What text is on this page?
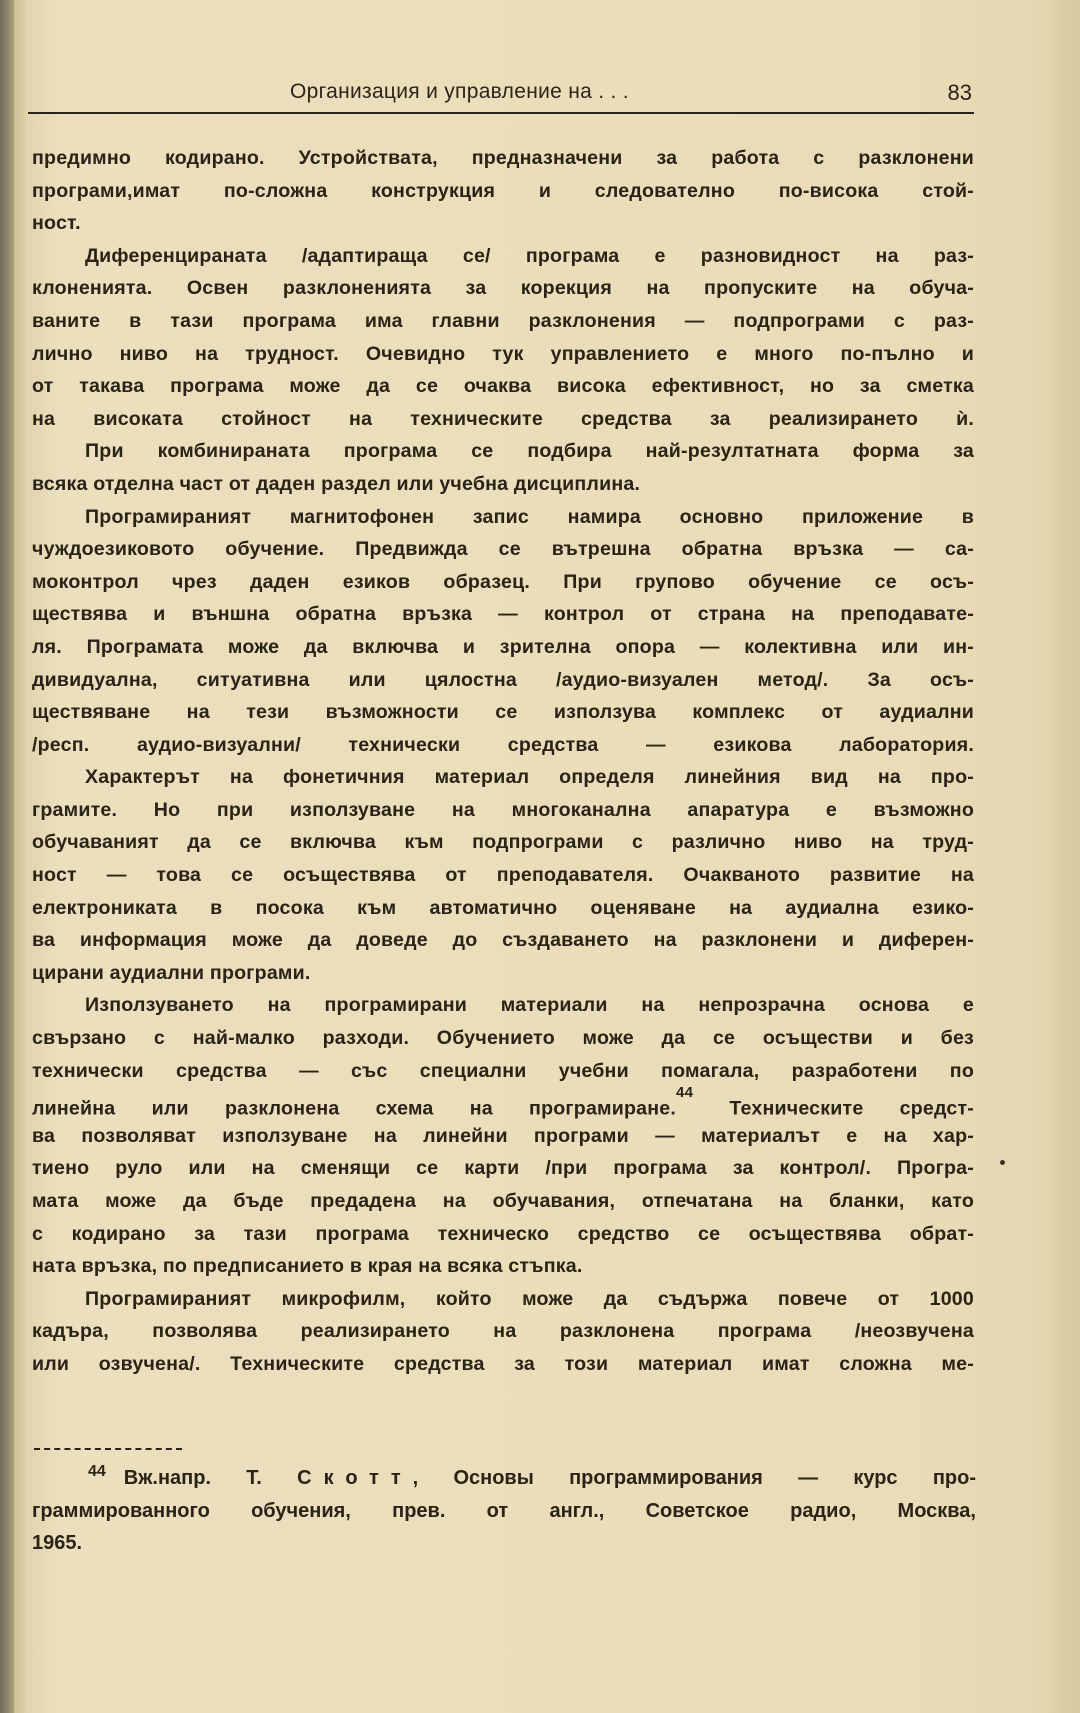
Организация и управление на . . .	83
предимно кодирано. Устройствата, предназначени за работа с разклонени
програми,имат по-сложна конструкция и следователно по-висока стой-
ност.
Диференцираната /адаптираща се/ програма е разновидност на раз-
клоненията. Освен разклоненията за корекция на пропуските на обуча-
ваните в тази програма има главни разклонения — подпрограми с раз-
лично ниво на трудност. Очевидно тук управлението е много по-пълно и
от такава програма може да се очаква висока ефективност, но за сметка
на високата стойност на техническите средства за реализирането ѝ.
При комбинираната програма се подбира най-резултатната форма за
всяка отделна част от даден раздел или учебна дисциплина.
Програмираният магнитофонен запис намира основно приложение в
чуждоезиковото обучение. Предвижда се вътрешна обратна връзка — са-
моконтрол чрез даден езиков образец. При групово обучение се осъ-
ществява и външна обратна връзка — контрол от страна на преподавате-
ля. Програмата може да включва и зрителна опора — колективна или ин-
дивидуална, ситуативна или цялостна /аудио-визуален метод/. За осъ-
ществяване на тези възможности се използува комплекс от аудиални
/респ. аудио-визуални/ технически средства — езикова лаборатория.
Характерът на фонетичния материал определя линейния вид на про-
грамите. Но при използуване на многоканална апаратура е възможно
обучаваният да се включва към подпрограми с различно ниво на труд-
ност — това се осъществява от преподавателя. Очакваното развитие на
електрониката в посока към автоматично оценяване на аудиална езико-
ва информация може да доведе до създаването на разклонени и диферен-
цирани аудиални програми.
Използуването на програмирани материали на непрозрачна основа е
свързано с най-малко разходи. Обучението може да се осъществи и без
технически средства — със специални учебни помагала, разработени по
линейна или разклонена схема на програмиране.$^{44}$ Техническите средст-
ва позволяват използуване на линейни програми — материалът е на хар-
тиено руло или на сменящи се карти /при програма за контрол/. Програ-
мата може да бъде предадена на обучавания, отпечатана на бланки, като
с кодирано за тази програма техническо средство се осъществява обрат-
ната връзка, по предписанието в края на всяка стъпка.
Програмираният микрофилм, който може да съдържа повече от 1000
кадъра, позволява реализирането на разклонена програма /неозвучена
или озвучена/. Техническите средства за този материал имат сложна ме-
$^{44}$ Вж.напр. Т. Скотт, Основы программирования — курс про-
граммированного обучения, прев. от англ., Советское радио, Москва,
1965.
